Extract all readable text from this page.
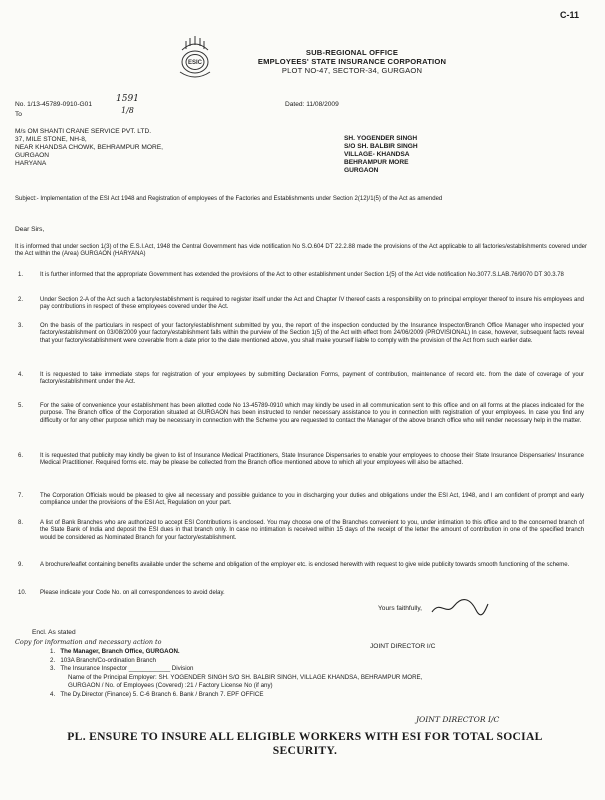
C-11
ESIC
SUB-REGIONAL OFFICE
EMPLOYEES' STATE INSURANCE CORPORATION
PLOT NO-47, SECTOR-34, GURGAON
No. 1/13-45789-0910-G01
1591
1/8
Dated: 11/08/2009
To
M/s OM SHANTI CRANE SERVICE PVT. LTD.
37, MILE STONE, NH-8,
NEAR KHANDSA CHOWK, BEHRAMPUR MORE,
GURGAON
HARYANA
SH. YOGENDER SINGH
S/O SH. BALBIR SINGH
VILLAGE- KHANDSA
BEHRAMPUR MORE
GURGAON
Subject:- Implementation of the ESI Act 1948 and Registration of employees of the Factories and Establishments under Section 2(12)/1(5) of the Act as amended
Dear Sirs,
It is informed that under section 1(3) of the E.S.I.Act, 1948 the Central Government has vide notification No S.O.604 DT 22.2.88 made the provisions of the Act applicable to all factories/establishments covered under the Act within the (Area) GURGAON (HARYANA)
1.	It is further informed that the appropriate Government has extended the provisions of the Act to other establishment under Section 1(5) of the Act vide notification No.3077.S.LAB.76/9070 DT 30.3.78
2.	Under Section 2-A of the Act such a factory/establishment is required to register itself under the Act and Chapter IV thereof casts a responsibility on to principal employer thereof to insure his employees and pay contributions in respect of these employees covered under the Act.
3.	On the basis of the particulars in respect of your factory/establishment submitted by you, the report of the inspection conducted by the Insurance Inspector/Branch Office Manager who inspected your factory/establishment on 03/08/2009 your factory/establishment falls within the purview of the Section 1(5) of the Act with effect from 24/06/2009 (PROVISIONAL) In case, however, subsequent facts reveal that your factory/establishment were coverable from a date prior to the date mentioned above, you shall make yourself liable to comply with the provision of the Act from such earlier date.
4.	It is requested to take immediate steps for registration of your employees by submitting Declaration Forms, payment of contribution, maintenance of record etc. from the date of coverage of your factory/establishment under the Act.
5.	For the sake of convenience your establishment has been allotted code No 13-45789-0910 which may kindly be used in all communication sent to this office and on all forms at the places indicated for the purpose. The Branch office of the Corporation situated at GURGAON has been instructed to render necessary assistance to you in connection with registration of your employees. In case you find any difficulty or for any other purpose which may be necessary in connection with the Scheme you are requested to contact the Manager of the above branch office who will render necessary help in the matter.
6.	It is requested that publicity may kindly be given to list of Insurance Medical Practitioners, State Insurance Dispensaries to enable your employees to choose their State Insurance Dispensaries/ Insurance Medical Practitioner. Required forms etc. may be please be collected from the Branch office mentioned above to which all your employees will also be attached.
7.	The Corporation Officials would be pleased to give all necessary and possible guidance to you in discharging your duties and obligations under the ESI Act, 1948, and I am confident of prompt and early compliance under the provisions of the ESI Act, Regulation on your part.
8.	A list of Bank Branches who are authorized to accept ESI Contributions is enclosed. You may choose one of the Branches convenient to you, under intimation to this office and to the concerned branch of the State Bank of India and deposit the ESI dues in that branch only. In case no intimation is received within 15 days of the receipt of the letter the amount of contribution in one of the specified branch would be considered as Nominated Branch for your factory/establishment.
9.	A brochure/leaflet containing benefits available under the scheme and obligation of the employer etc. is enclosed herewith with request to give wide publicity towards smooth functioning of the scheme.
10. Please indicate your Code No. on all correspondences to avoid delay.
Yours faithfully,
JOINT DIRECTOR I/C
Encl. As stated
Copy for information and necessary action to
1. The Manager, Branch Office, GURGAON.
2. 103A Branch/Co-ordination Branch
3. The Insurance Inspector ____________ Division
Name of the Principal Employer: SH. YOGENDER SINGH S/O SH. BALBIR SINGH, VILLAGE KHANDSA, BEHRAMPUR MORE,
GURGAON / No. of Employees (Covered) :21 / Factory License No (if any)
4. The Dy.Director (Finance) 5. C-6 Branch 6. Bank / Branch 7. EPF OFFICE
JOINT DIRECTOR I/C
PL. ENSURE TO INSURE ALL ELIGIBLE WORKERS WITH ESI FOR TOTAL SOCIAL
SECURITY.
